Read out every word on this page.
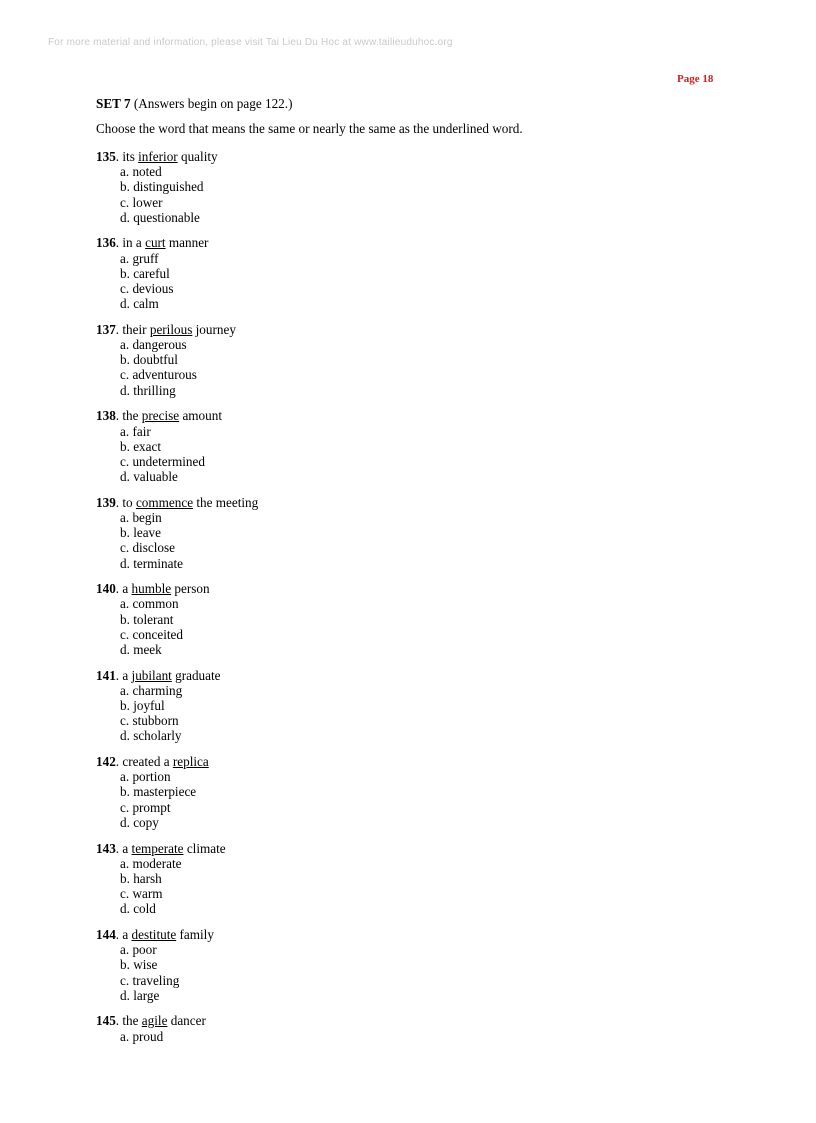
For more material and information, please visit Tai Lieu Du Hoc at www.tailieuduhoc.org
Page 18
SET 7 (Answers begin on page 122.)
Choose the word that means the same or nearly the same as the underlined word.
135. its inferior quality
a. noted
b. distinguished
c. lower
d. questionable
136. in a curt manner
a. gruff
b. careful
c. devious
d. calm
137. their perilous journey
a. dangerous
b. doubtful
c. adventurous
d. thrilling
138. the precise amount
a. fair
b. exact
c. undetermined
d. valuable
139. to commence the meeting
a. begin
b. leave
c. disclose
d. terminate
140. a humble person
a. common
b. tolerant
c. conceited
d. meek
141. a jubilant graduate
a. charming
b. joyful
c. stubborn
d. scholarly
142. created a replica
a. portion
b. masterpiece
c. prompt
d. copy
143. a temperate climate
a. moderate
b. harsh
c. warm
d. cold
144. a destitute family
a. poor
b. wise
c. traveling
d. large
145. the agile dancer
a. proud
